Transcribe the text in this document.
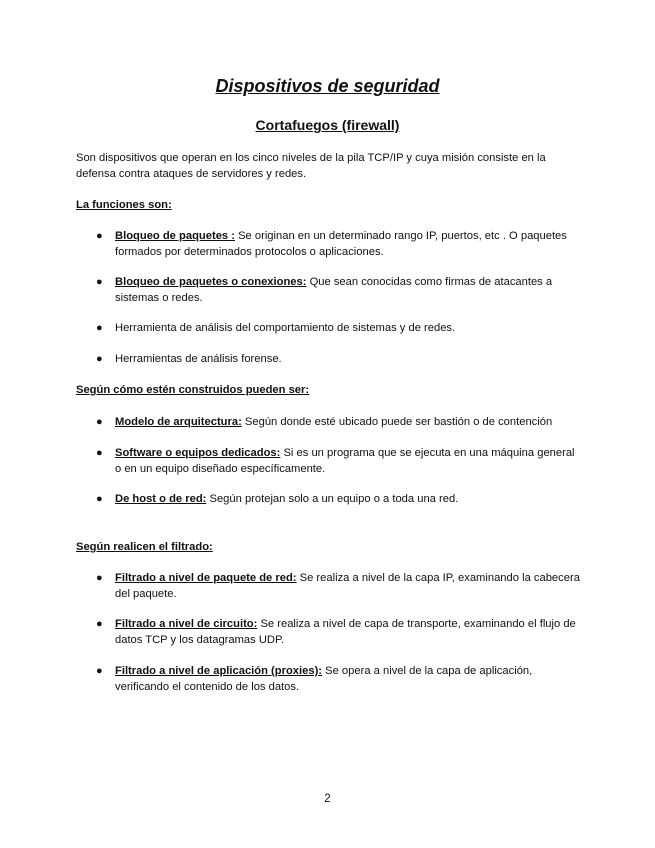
Dispositivos de seguridad
Cortafuegos (firewall)
Son dispositivos que operan en los cinco niveles de la pila TCP/IP y cuya misión consiste en la defensa contra ataques de servidores y redes.
La funciones son:
● Bloqueo de paquetes : Se originan en un determinado rango IP, puertos, etc . O paquetes formados por determinados protocolos o aplicaciones.
● Bloqueo de paquetes o conexiones: Que sean conocidas como firmas de atacantes a sistemas o redes.
● Herramienta de análisis del comportamiento de sistemas y de redes.
● Herramientas de análisis forense.
Según cómo estén construidos pueden ser:
● Modelo de arquitectura: Según donde esté ubicado puede ser bastión o de contención
● Software o equipos dedicados: Si es un programa que se ejecuta en una máquina general o en un equipo diseñado específicamente.
● De host o de red: Según protejan solo a un equipo o a toda una red.
Según realicen el filtrado:
● Filtrado a nivel de paquete de red: Se realiza a nivel de la capa IP, examinando la cabecera del paquete.
● Filtrado a nivel de circuito: Se realiza a nivel de capa de transporte, examinando el flujo de datos TCP y los datagramas UDP.
● Filtrado a nivel de aplicación (proxies): Se opera a nivel de la capa de aplicación, verificando el contenido de los datos.
2
